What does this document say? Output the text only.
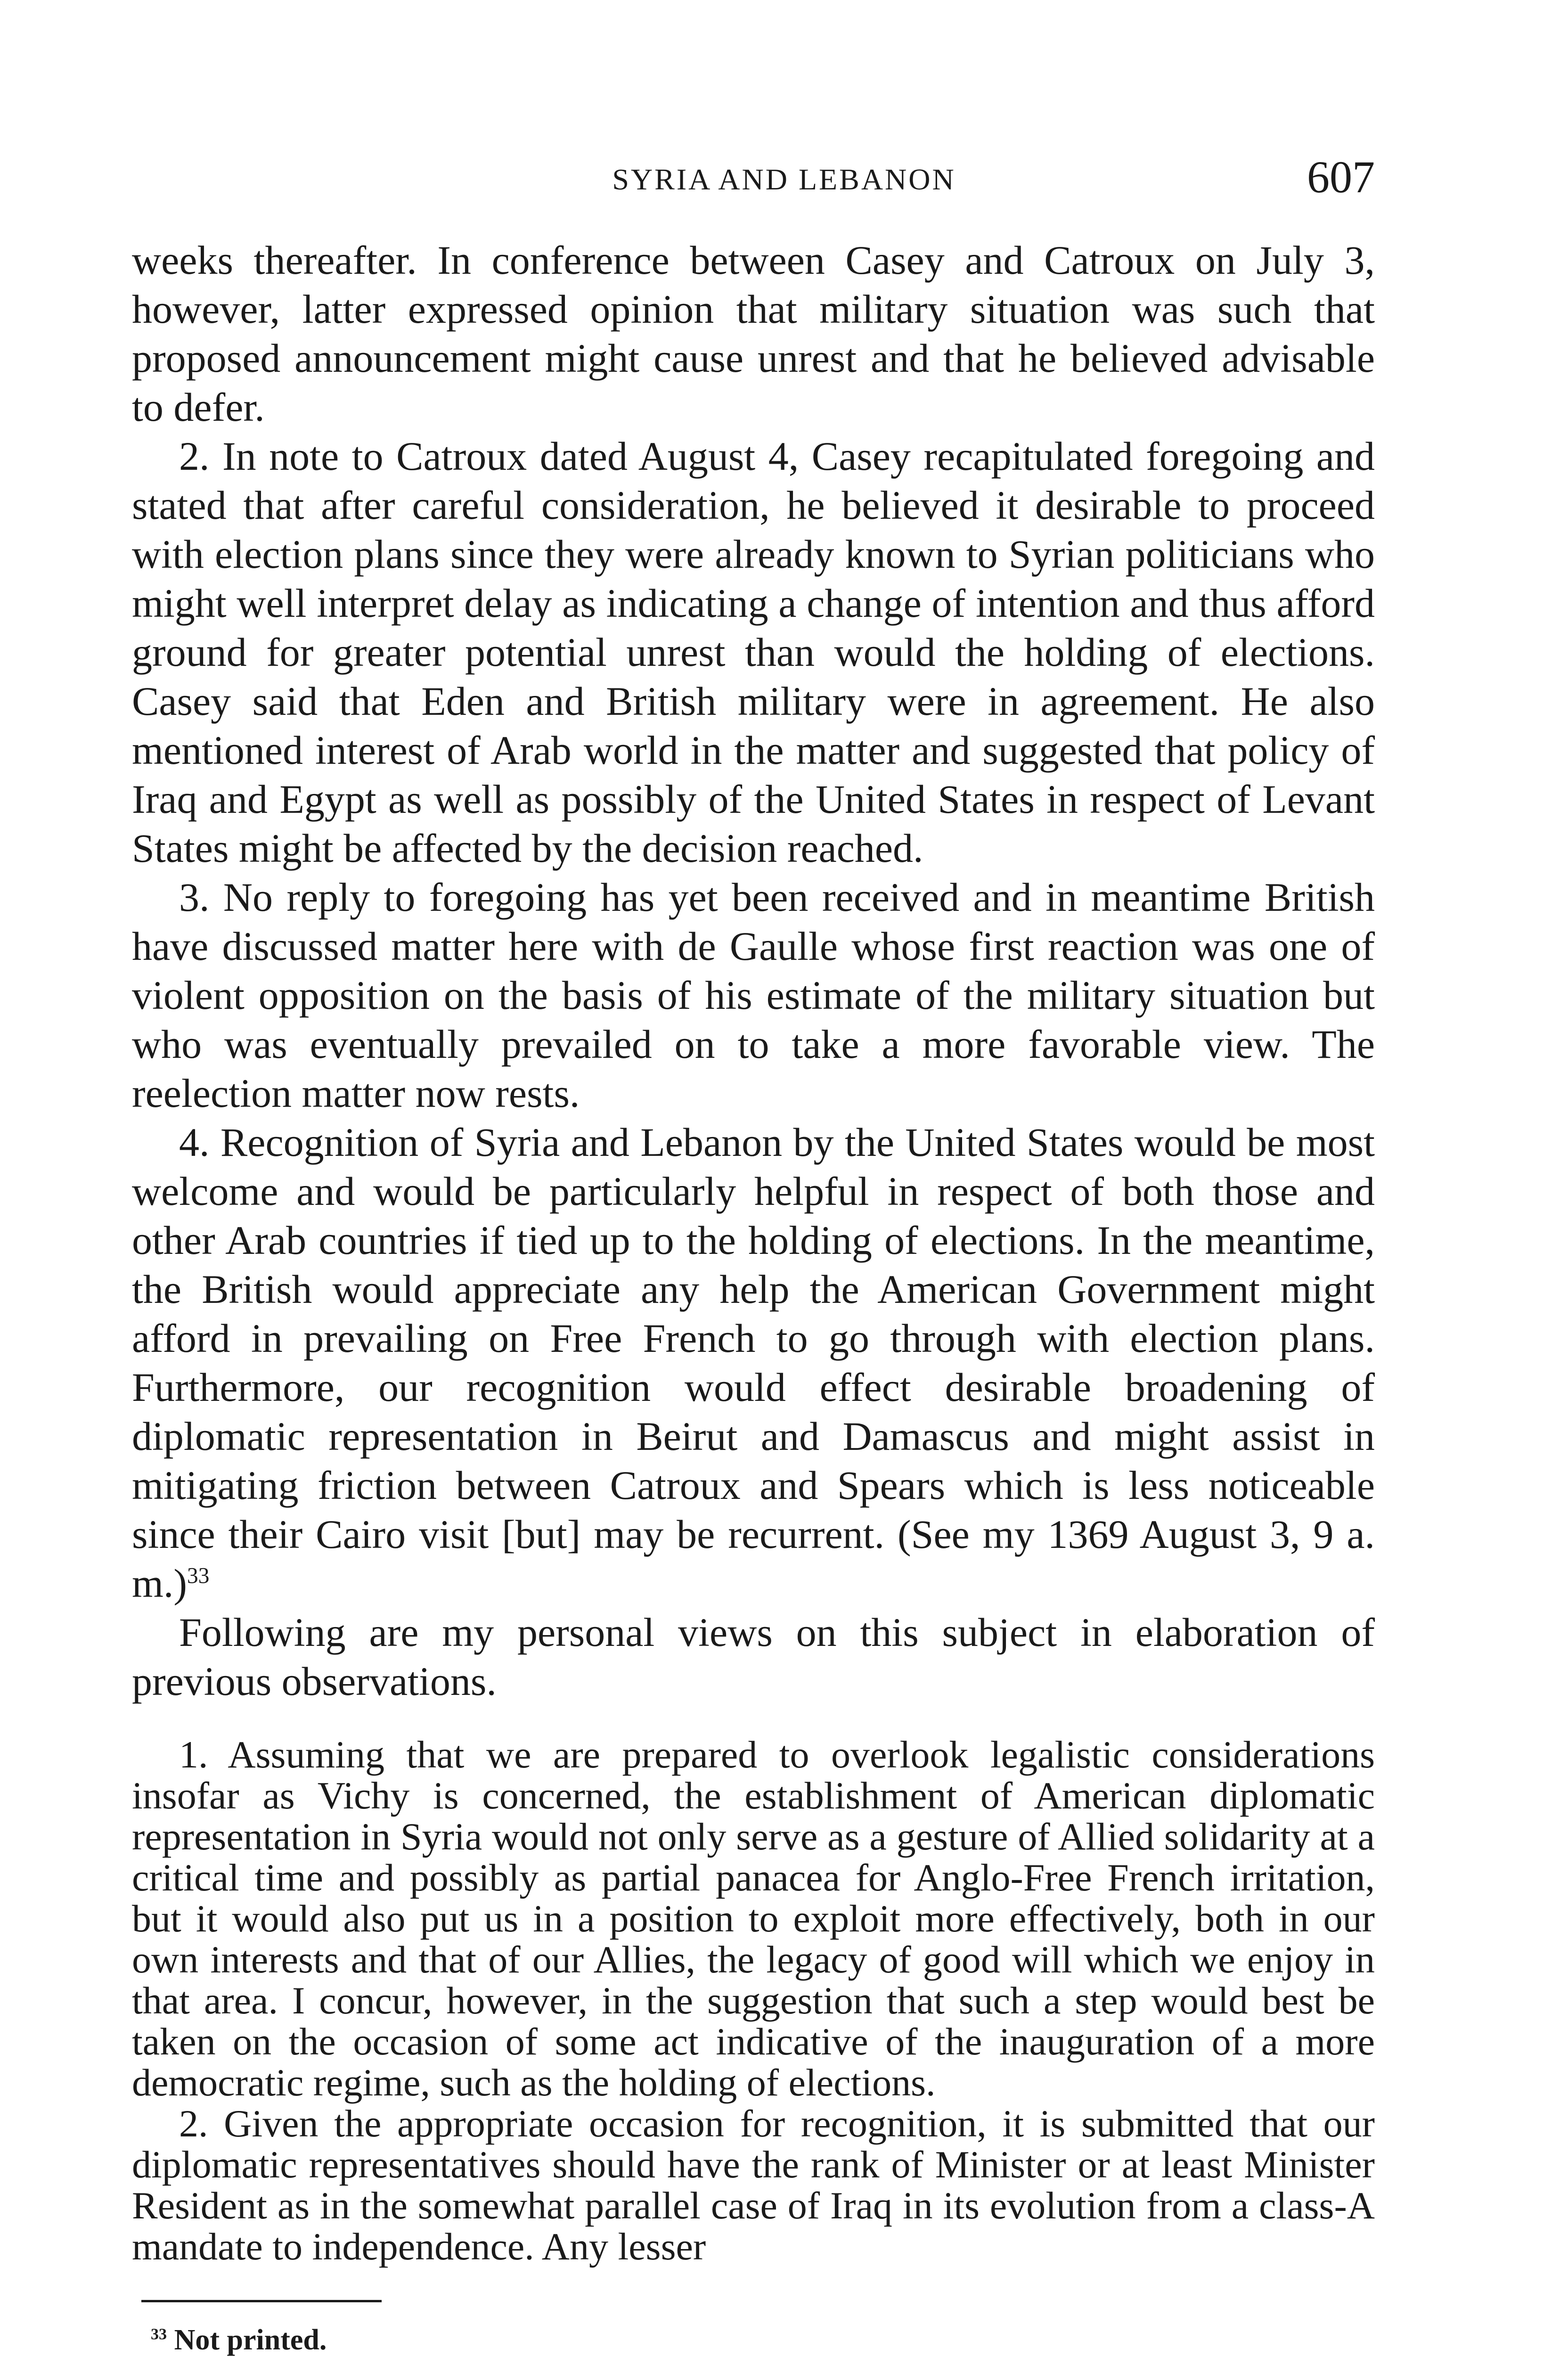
SYRIA AND LEBANON	607

weeks thereafter. In conference between Casey and Catroux on July 3, however, latter expressed opinion that military situation was such that proposed announcement might cause unrest and that he believed advisable to defer.

2. In note to Catroux dated August 4, Casey recapitulated foregoing and stated that after careful consideration, he believed it desirable to proceed with election plans since they were already known to Syrian politicians who might well interpret delay as indicating a change of intention and thus afford ground for greater potential unrest than would the holding of elections. Casey said that Eden and British military were in agreement. He also mentioned interest of Arab world in the matter and suggested that policy of Iraq and Egypt as well as possibly of the United States in respect of Levant States might be affected by the decision reached.

3. No reply to foregoing has yet been received and in meantime British have discussed matter here with de Gaulle whose first reaction was one of violent opposition on the basis of his estimate of the military situation but who was eventually prevailed on to take a more favorable view. The reelection matter now rests.

4. Recognition of Syria and Lebanon by the United States would be most welcome and would be particularly helpful in respect of both those and other Arab countries if tied up to the holding of elections. In the meantime, the British would appreciate any help the American Government might afford in prevailing on Free French to go through with election plans. Furthermore, our recognition would effect desirable broadening of diplomatic representation in Beirut and Damascus and might assist in mitigating friction between Catroux and Spears which is less noticeable since their Cairo visit [but] may be recurrent. (See my 1369 August 3, 9 a. m.)$^{33}$

Following are my personal views on this subject in elaboration of previous observations.

1. Assuming that we are prepared to overlook legalistic considerations insofar as Vichy is concerned, the establishment of American diplomatic representation in Syria would not only serve as a gesture of Allied solidarity at a critical time and possibly as partial panacea for Anglo-Free French irritation, but it would also put us in a position to exploit more effectively, both in our own interests and that of our Allies, the legacy of good will which we enjoy in that area. I concur, however, in the suggestion that such a step would best be taken on the occasion of some act indicative of the inauguration of a more democratic regime, such as the holding of elections.

2. Given the appropriate occasion for recognition, it is submitted that our diplomatic representatives should have the rank of Minister or at least Minister Resident as in the somewhat parallel case of Iraq in its evolution from a class-A mandate to independence. Any lesser

$^{33}$ Not printed.
